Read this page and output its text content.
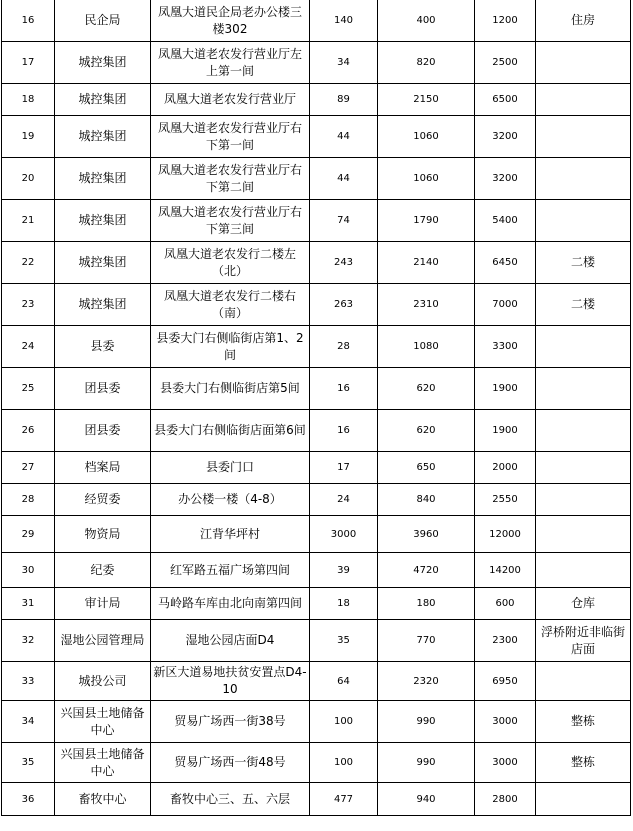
16	民企局	凤凰大道民企局老办公楼三楼302	140	400	1200	住房
17	城控集团	凤凰大道老农发行营业厅左上第一间	34	820	2500	
18	城控集团	凤凰大道老农发行营业厅	89	2150	6500	
19	城控集团	凤凰大道老农发行营业厅右下第一间	44	1060	3200	
20	城控集团	凤凰大道老农发行营业厅右下第二间	44	1060	3200	
21	城控集团	凤凰大道老农发行营业厅右下第三间	74	1790	5400	
22	城控集团	凤凰大道老农发行二楼左（北）	243	2140	6450	二楼
23	城控集团	凤凰大道老农发行二楼右（南）	263	2310	7000	二楼
24	县委	县委大门右侧临街店第1、2间	28	1080	3300	
25	团县委	县委大门右侧临街店第5间	16	620	1900	
26	团县委	县委大门右侧临街店面第6间	16	620	1900	
27	档案局	县委门口	17	650	2000	
28	经贸委	办公楼一楼（4-8）	24	840	2550	
29	物资局	江背华坪村	3000	3960	12000	
30	纪委	红军路五福广场第四间	39	4720	14200	
31	审计局	马岭路车库由北向南第四间	18	180	600	仓库
32	湿地公园管理局	湿地公园店面D4	35	770	2300	浮桥附近非临街店面
33	城投公司	新区大道易地扶贫安置点D4-10	64	2320	6950	
34	兴国县土地储备中心	贸易广场西一街38号	100	990	3000	整栋
35	兴国县土地储备中心	贸易广场西一街48号	100	990	3000	整栋
36	畜牧中心	畜牧中心三、五、六层	477	940	2800	
